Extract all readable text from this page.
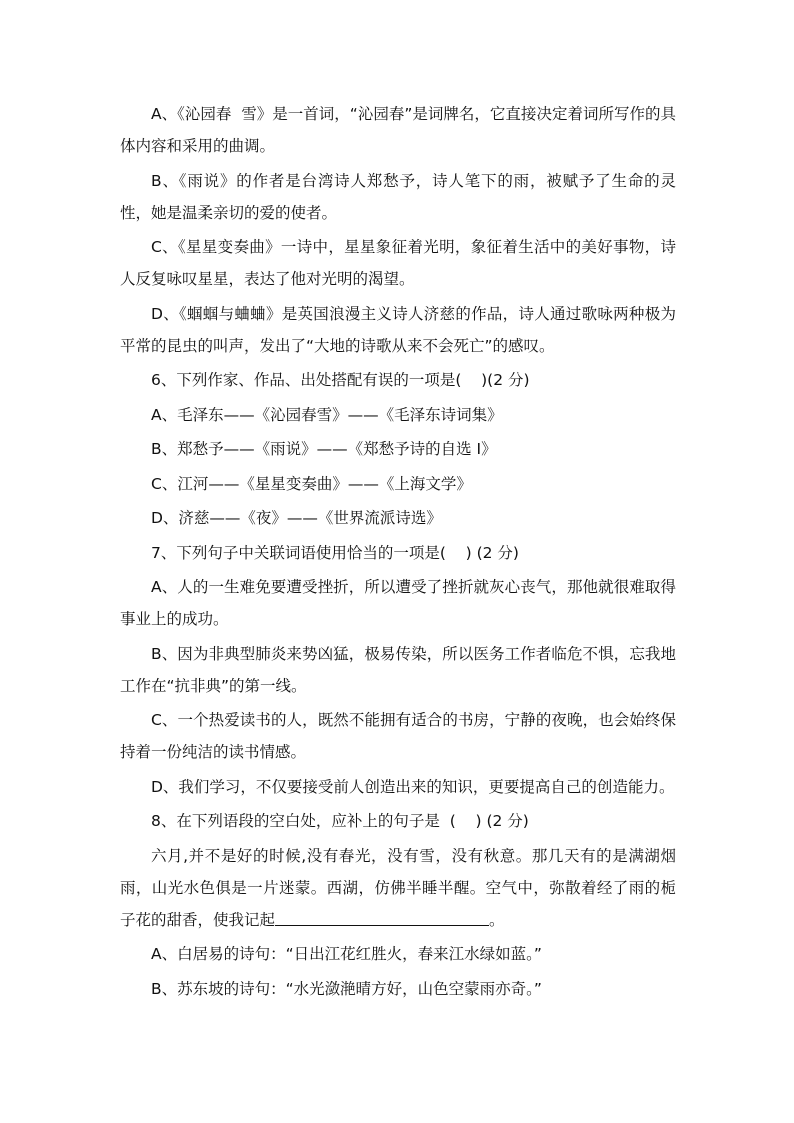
A、《沁园春  雪》是一首词，“沁园春”是词牌名，它直接决定着词所写作的具体内容和采用的曲调。

B、《雨说》的作者是台湾诗人郑愁予，诗人笔下的雨，被赋予了生命的灵性，她是温柔亲切的爱的使者。

C、《星星变奏曲》一诗中，星星象征着光明，象征着生活中的美好事物，诗人反复咏叹星星，表达了他对光明的渴望。

D、《蝈蝈与蛐蛐》是英国浪漫主义诗人济慈的作品，诗人通过歌咏两种极为平常的昆虫的叫声，发出了“大地的诗歌从来不会死亡”的感叹。

6、下列作家、作品、出处搭配有误的一项是(    )(2 分)

A、毛泽东——《沁园春雪》——《毛泽东诗词集》

B、郑愁予——《雨说》——《郑愁予诗的自选 I》

C、江河——《星星变奏曲》——《上海文学》

D、济慈——《夜》——《世界流派诗选》

7、下列句子中关联词语使用恰当的一项是(    ) (2 分)

A、人的一生难免要遭受挫折，所以遭受了挫折就灰心丧气，那他就很难取得事业上的成功。

B、因为非典型肺炎来势凶猛，极易传染，所以医务工作者临危不惧，忘我地工作在“抗非典”的第一线。

C、一个热爱读书的人，既然不能拥有适合的书房，宁静的夜晚，也会始终保持着一份纯洁的读书情感。

D、我们学习，不仅要接受前人创造出来的知识，更要提高自己的创造能力。

8、在下列语段的空白处，应补上的句子是  (    ) (2 分)

六月,并不是好的时候,没有春光，没有雪，没有秋意。那几天有的是满湖烟雨，山光水色俱是一片迷蒙。西湖，仿佛半睡半醒。空气中，弥散着经了雨的栀子花的甜香，使我记起	。

A、白居易的诗句：“日出江花红胜火，春来江水绿如蓝。”

B、苏东坡的诗句：“水光潋滟晴方好，山色空蒙雨亦奇。”
